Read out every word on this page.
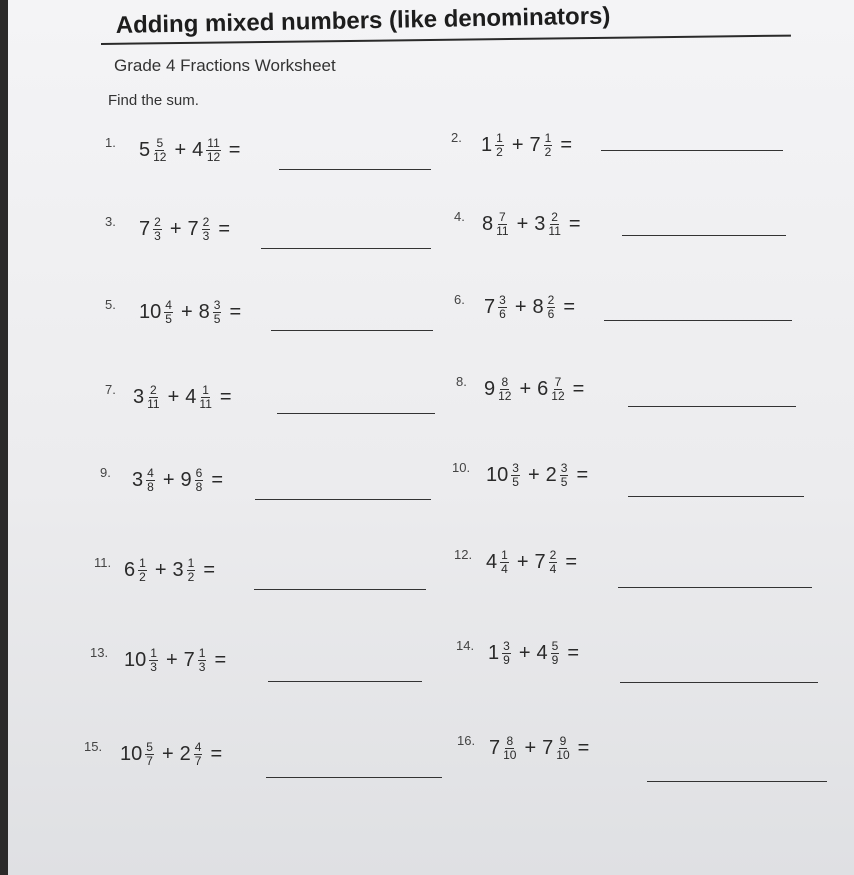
Adding mixed numbers (like denominators)
Grade 4 Fractions Worksheet
Find the sum.
1. $5 \frac{5}{12} + 4 \frac{11}{12}$ =
3. $7 \frac{2}{3} + 7 \frac{2}{3}$ =
5. $10 \frac{4}{5} + 8 \frac{3}{5}$ =
7. $3 \frac{2}{11} + 4 \frac{1}{11}$ =
9. $3 \frac{4}{8} + 9 \frac{6}{8}$ =
11. $6 \frac{1}{2} + 3 \frac{1}{2}$ =
13. $10 \frac{1}{3} + 7 \frac{1}{3}$ =
15. $10 \frac{5}{7} + 2 \frac{4}{7}$ =
2. $1 \frac{1}{2} + 7 \frac{1}{2}$ =
4. $8 \frac{7}{11} + 3 \frac{2}{11}$ =
6. $7 \frac{3}{6} + 8 \frac{2}{6}$ =
8. $9 \frac{8}{12} + 6 \frac{7}{12}$ =
10. $10 \frac{3}{5} + 2 \frac{3}{5}$ =
12. $4 \frac{1}{4} + 7 \frac{2}{4}$ =
14. $1 \frac{3}{9} + 4 \frac{5}{9}$ =
16. $7 \frac{8}{10} + 7 \frac{9}{10}$ =
